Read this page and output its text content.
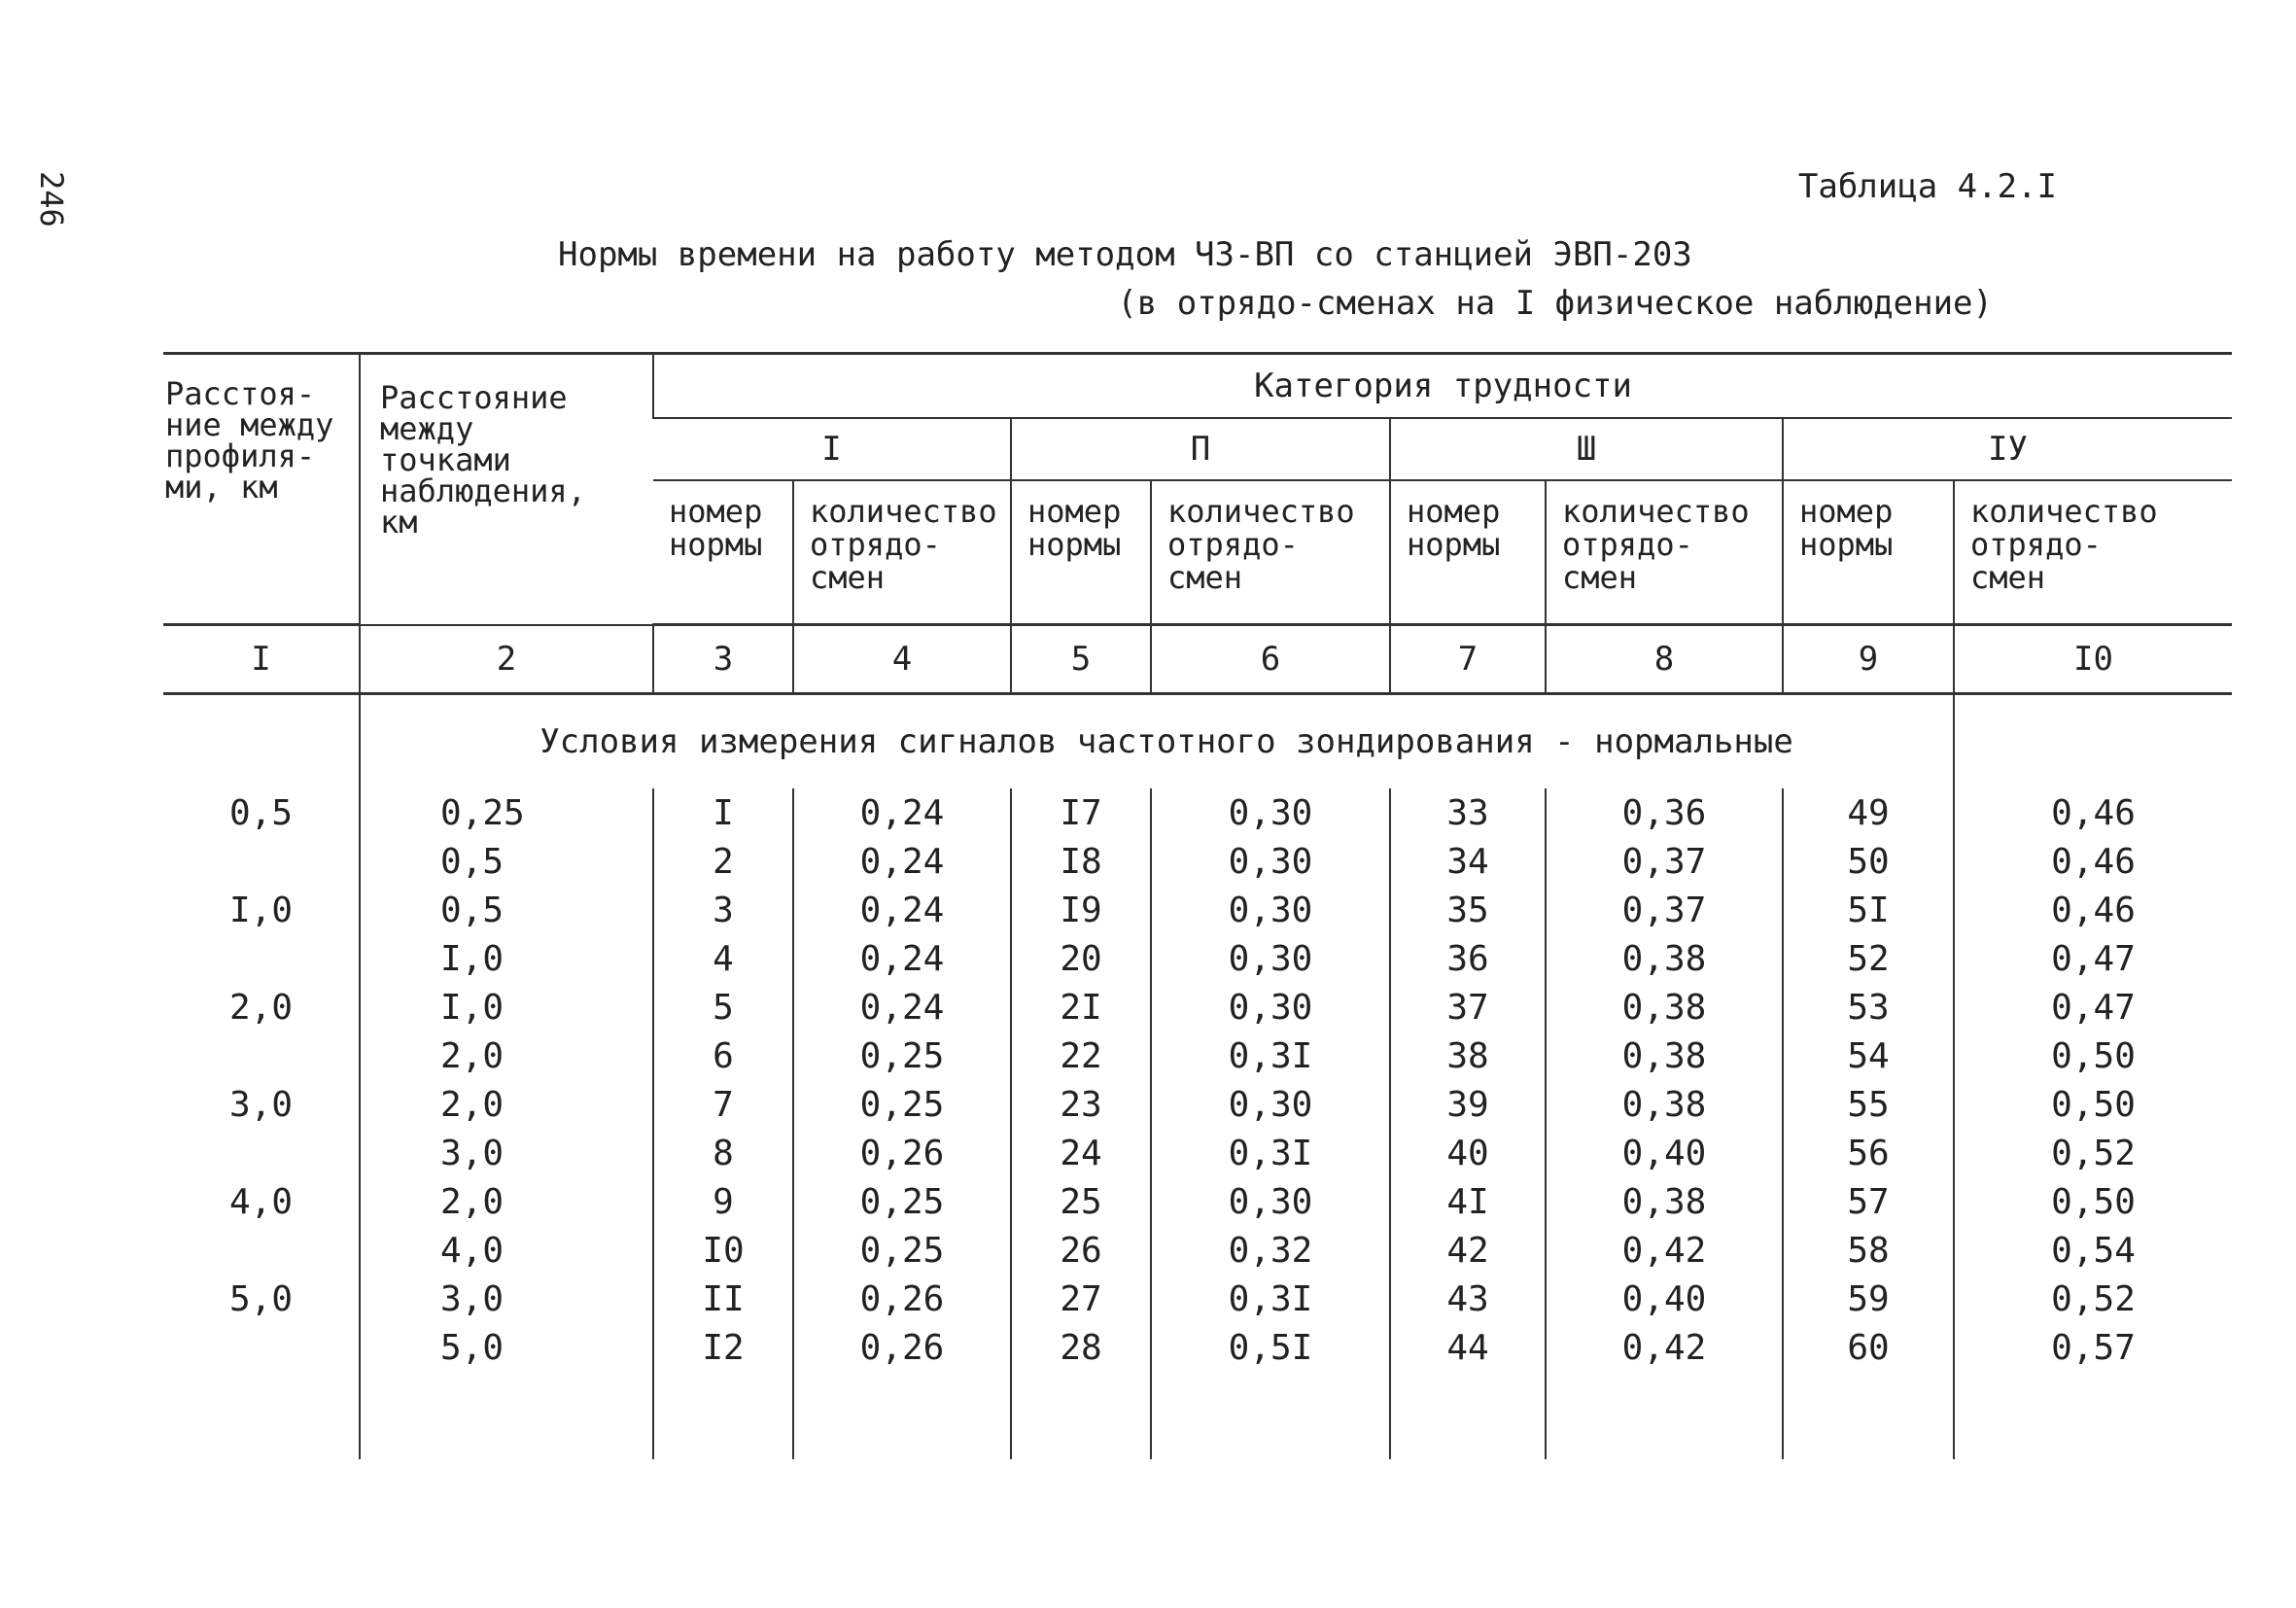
246	Таблица 4.2.I
Нормы времени на работу методом ЧЗ-ВП со станцией ЭВП-203
(в отрядо-сменах на I физическое наблюдение)
Расстоя-
ние между
профиля-
ми, км	Расстояние
между
точками
наблюдения,
км	Категория трудности							
		I		П		Ш		IУ	
		номер
нормы	количество
отрядо-
смен	номер
нормы	количество
отрядо-
смен	номер
нормы	количество
отрядо-
смен	номер
нормы	количество
отрядо-
смен
I	2	3	4	5	6	7	8	9	I0
	Условия измерения сигналов частотного зондирования - нормальные								
0,5	0,25	I	0,24	I7	0,30	33	0,36	49	0,46
	0,5	2	0,24	I8	0,30	34	0,37	50	0,46
I,0	0,5	3	0,24	I9	0,30	35	0,37	5I	0,46
	I,0	4	0,24	20	0,30	36	0,38	52	0,47
2,0	I,0	5	0,24	2I	0,30	37	0,38	53	0,47
	2,0	6	0,25	22	0,3I	38	0,38	54	0,50
3,0	2,0	7	0,25	23	0,30	39	0,38	55	0,50
	3,0	8	0,26	24	0,3I	40	0,40	56	0,52
4,0	2,0	9	0,25	25	0,30	4I	0,38	57	0,50
	4,0	I0	0,25	26	0,32	42	0,42	58	0,54
5,0	3,0	II	0,26	27	0,3I	43	0,40	59	0,52
	5,0	I2	0,26	28	0,5I	44	0,42	60	0,57
